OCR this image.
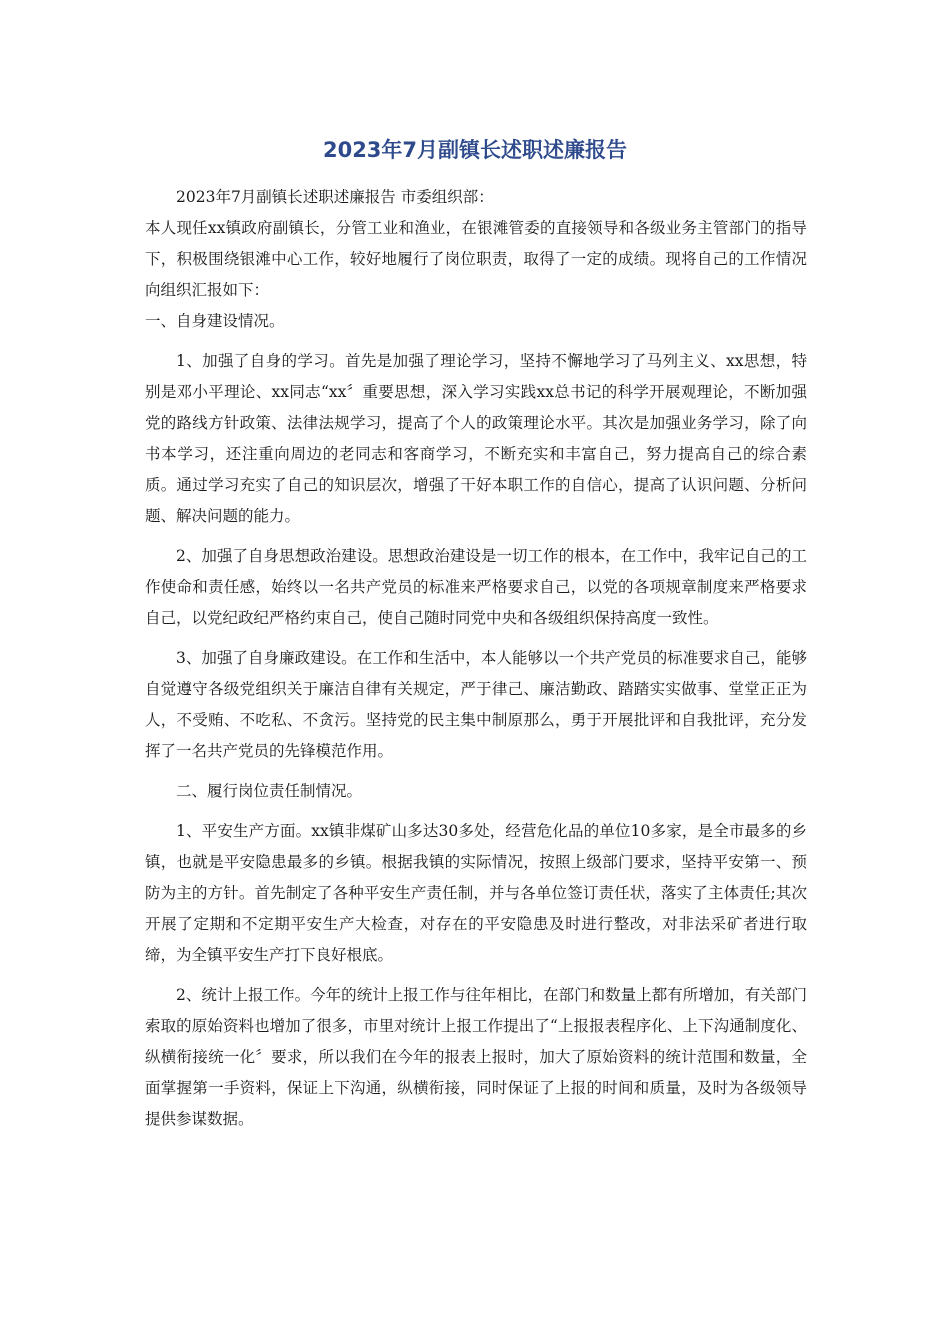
2023年7月副镇长述职述廉报告

2023年7月副镇长述职述廉报告 市委组织部：

本人现任xx镇政府副镇长，分管工业和渔业，在银滩管委的直接领导和各级业务主管部门的指导下，积极围绕银滩中心工作，较好地履行了岗位职责，取得了一定的成绩。现将自己的工作情况向组织汇报如下：

一、自身建设情况。

1、加强了自身的学习。首先是加强了理论学习，坚持不懈地学习了马列主义、xx思想，特别是邓小平理论、xx同志“xx〞重要思想，深入学习实践xx总书记的科学开展观理论，不断加强党的路线方针政策、法律法规学习，提高了个人的政策理论水平。其次是加强业务学习，除了向书本学习，还注重向周边的老同志和客商学习，不断充实和丰富自己，努力提高自己的综合素质。通过学习充实了自己的知识层次，增强了干好本职工作的自信心，提高了认识问题、分析问题、解决问题的能力。

2、加强了自身思想政治建设。思想政治建设是一切工作的根本，在工作中，我牢记自己的工作使命和责任感，始终以一名共产党员的标准来严格要求自己，以党的各项规章制度来严格要求自己，以党纪政纪严格约束自己，使自己随时同党中央和各级组织保持高度一致性。

3、加强了自身廉政建设。在工作和生活中，本人能够以一个共产党员的标准要求自己，能够自觉遵守各级党组织关于廉洁自律有关规定，严于律己、廉洁勤政、踏踏实实做事、堂堂正正为人，不受贿、不吃私、不贪污。坚持党的民主集中制原那么，勇于开展批评和自我批评，充分发挥了一名共产党员的先锋模范作用。

二、履行岗位责任制情况。

1、平安生产方面。xx镇非煤矿山多达30多处，经营危化品的单位10多家，是全市最多的乡镇，也就是平安隐患最多的乡镇。根据我镇的实际情况，按照上级部门要求，坚持平安第一、预防为主的方针。首先制定了各种平安生产责任制，并与各单位签订责任状，落实了主体责任;其次开展了定期和不定期平安生产大检查，对存在的平安隐患及时进行整改，对非法采矿者进行取缔，为全镇平安生产打下良好根底。

2、统计上报工作。今年的统计上报工作与往年相比，在部门和数量上都有所增加，有关部门索取的原始资料也增加了很多，市里对统计上报工作提出了“上报报表程序化、上下沟通制度化、纵横衔接统一化〞要求，所以我们在今年的报表上报时，加大了原始资料的统计范围和数量，全面掌握第一手资料，保证上下沟通，纵横衔接，同时保证了上报的时间和质量，及时为各级领导提供参谋数据。
